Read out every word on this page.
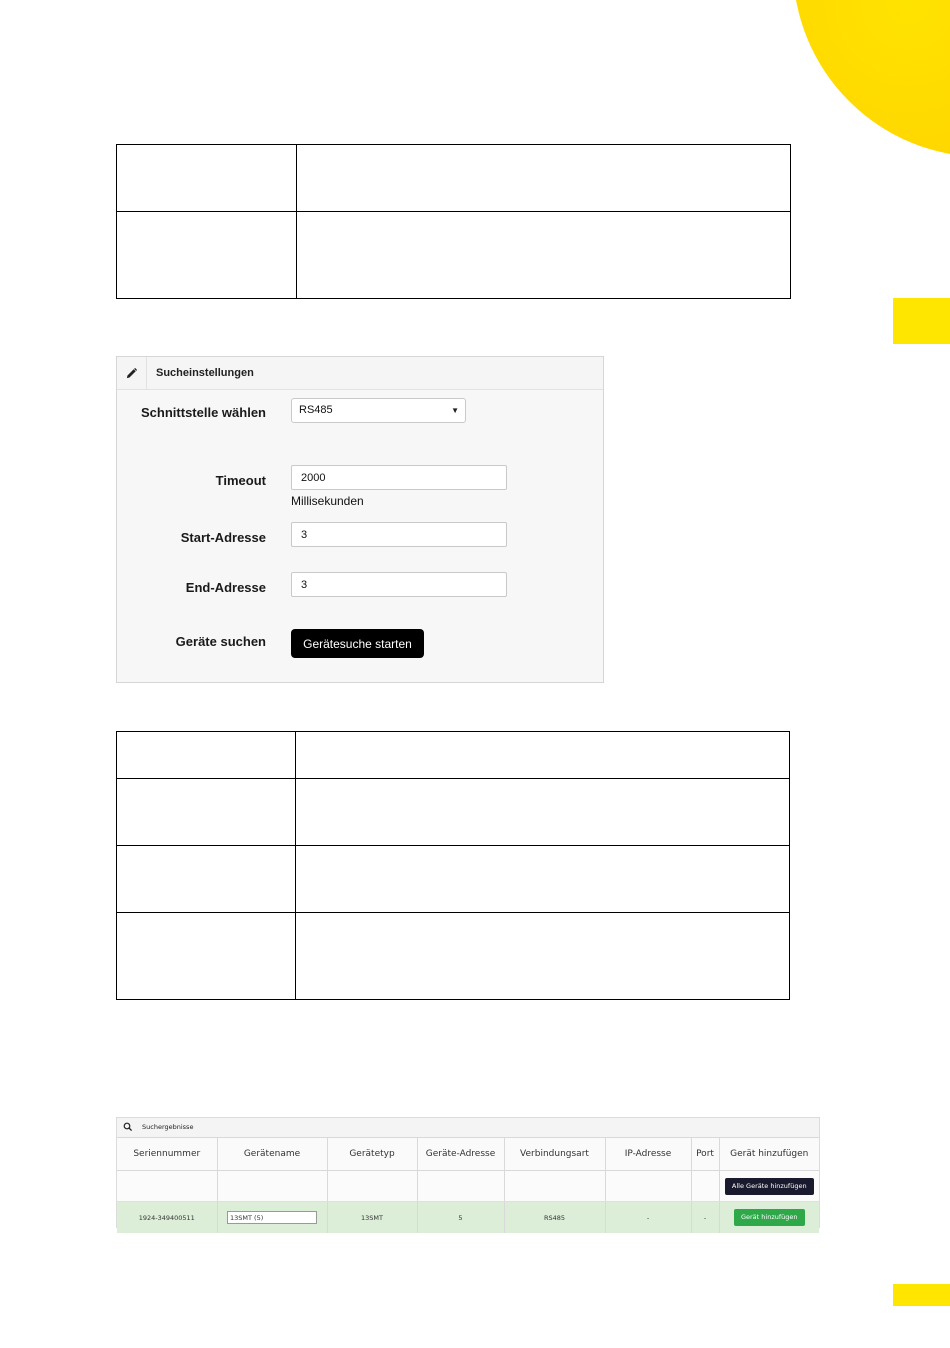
Sucheinstellungen
Schnittstelle wählen	RS485	▼
Timeout	2000
Millisekunden
Start-Adresse	3
End-Adresse	3
Geräte suchen	Gerätesuche starten

Suchergebnisse
Seriennummer	Gerätename	Gerätetyp	Geräte-Adresse	Verbindungsart	IP-Adresse	Port	Gerät hinzufügen
							Alle Geräte hinzufügen
1924-349400511	13SMT (5)	13SMT	5	RS485	-	-	Gerät hinzufügen
